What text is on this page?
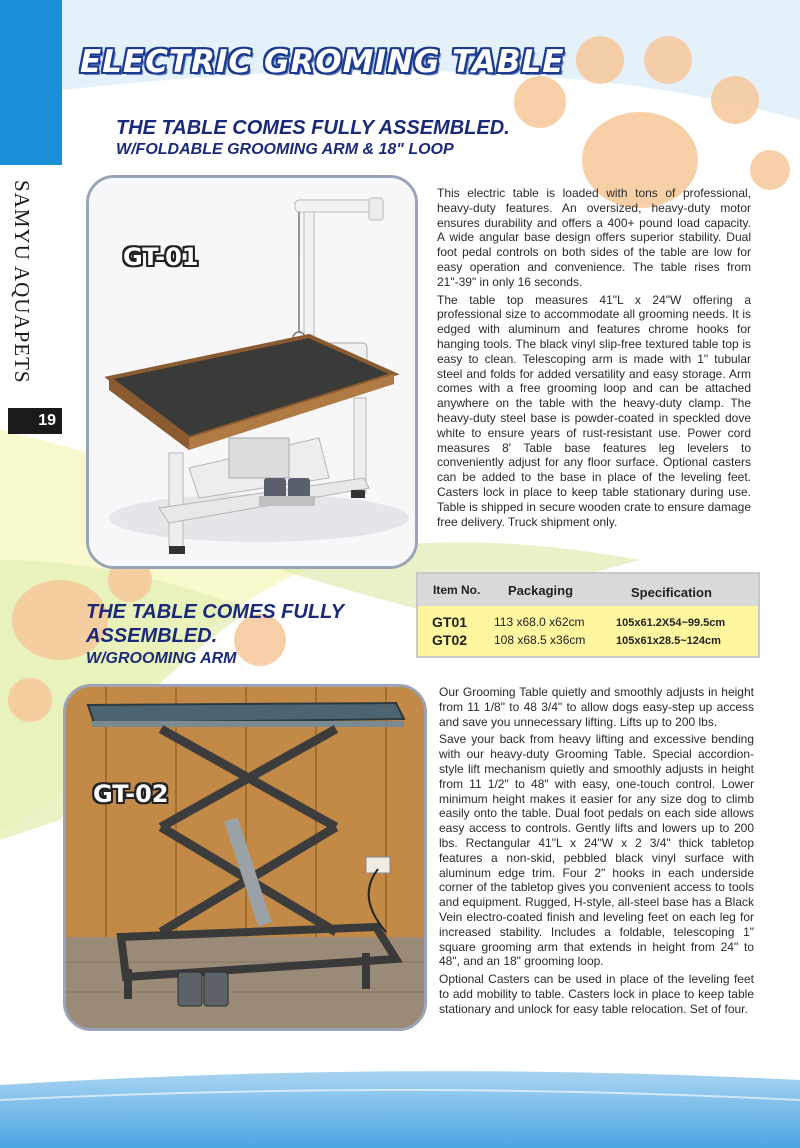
SAMYU AQUAPETS
19
ELECTRIC GROMING TABLE
THE TABLE COMES FULLY ASSEMBLED.
W/FOLDABLE GROOMING ARM & 18" LOOP
GT-01

This electric table is loaded with tons of professional, heavy-duty features. An oversized, heavy-duty motor ensures durability and offers a 400+ pound load capacity. A wide angular base design offers superior stability. Dual foot pedal controls on both sides of the table are low for easy operation and convenience. The table rises from 21"-39" in only 16 seconds.

The table top measures 41"L x 24"W offering a professional size to accommodate all grooming needs. It is edged with aluminum and features chrome hooks for hanging tools. The black vinyl slip-free textured table top is easy to clean. Telescoping arm is made with 1" tubular steel and folds for added versatility and easy storage. Arm comes with a free grooming loop and can be attached anywhere on the table with the heavy-duty clamp. The heavy-duty steel base is powder-coated in speckled dove white to ensure years of rust-resistant use. Power cord measures 8' Table base features leg levelers to conveniently adjust for any floor surface. Optional casters can be added to the base in place of the leveling feet. Casters lock in place to keep table stationary during use. Table is shipped in secure wooden crate to ensure damage free delivery. Truck shipment only.

Item No. Packaging	Specification
GT01 113 x68.0 x62cm	105x61.2X54~99.5cm
GT02 108 x68.5 x36cm	105x61x28.5~124cm
THE TABLE COMES FULLY
ASSEMBLED.
W/GROOMING ARM
GT-02

Our Grooming Table quietly and smoothly adjusts in height from 11 1/8" to 48 3/4" to allow dogs easy-step up access and save you unnecessary lifting. Lifts up to 200 lbs.

Save your back from heavy lifting and excessive bending with our heavy-duty Grooming Table. Special accordion-style lift mechanism quietly and smoothly adjusts in height from 11 1/2" to 48" with easy, one-touch control. Lower minimum height makes it easier for any size dog to climb easily onto the table. Dual foot pedals on each side allows easy access to controls. Gently lifts and lowers up to 200 lbs. Rectangular 41"L x 24"W x 2 3/4" thick tabletop features a non-skid, pebbled black vinyl surface with aluminum edge trim. Four 2" hooks in each underside corner of the tabletop gives you convenient access to tools and equipment. Rugged, H-style, all-steel base has a Black Vein electro-coated finish and leveling feet on each leg for increased stability. Includes a foldable, telescoping 1" square grooming arm that extends in height from 24" to 48", and an 18" grooming loop.

Optional Casters can be used in place of the leveling feet to add mobility to table. Casters lock in place to keep table stationary and unlock for easy table relocation. Set of four.
